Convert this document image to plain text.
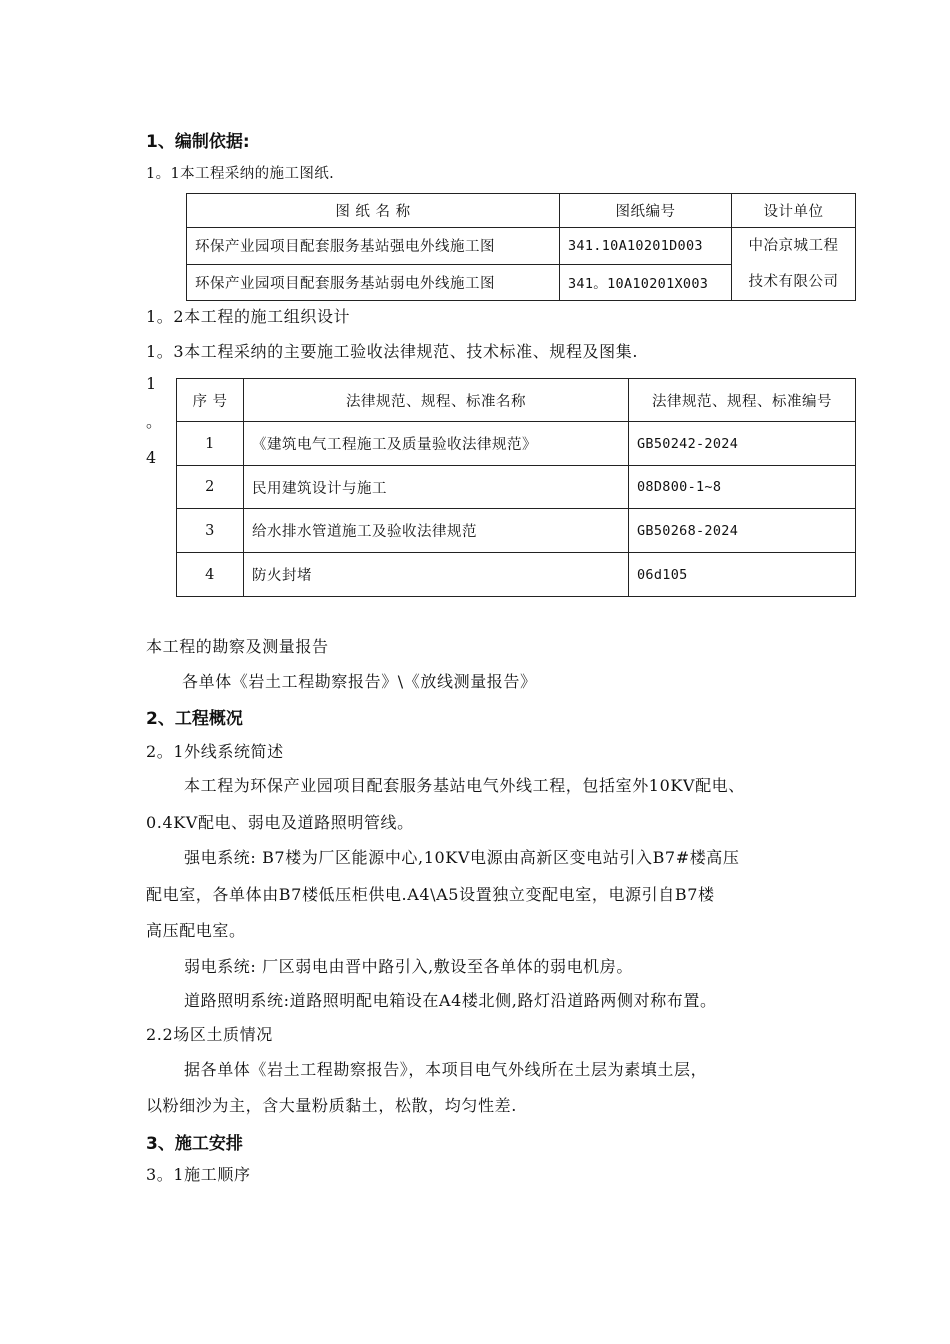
1、编制依据:
1。1本工程采纳的施工图纸.
图 纸 名 称	图纸编号	设计单位
环保产业园项目配套服务基站强电外线施工图	341.10A10201D003	中冶京城工程
技术有限公司

环保产业园项目配套服务基站弱电外线施工图	341。10A10201X003	
1。2本工程的施工组织设计
1。3本工程采纳的主要施工验收法律规范、技术标准、规程及图集.
1
。
4
序 号	法律规范、规程、标准名称	法律规范、规程、标准编号
1	《建筑电气工程施工及质量验收法律规范》	GB50242-2024
2	民用建筑设计与施工	08D800-1~8
3	给水排水管道施工及验收法律规范	GB50268-2024
4	防火封堵	06d105
本工程的勘察及测量报告
各单体《岩土工程勘察报告》\《放线测量报告》
2、工程概况
2。1外线系统简述
本工程为环保产业园项目配套服务基站电气外线工程，包括室外10KV配电、
0.4KV配电、弱电及道路照明管线。
强电系统: B7楼为厂区能源中心,10KV电源由高新区变电站引入B7#楼高压
配电室，各单体由B7楼低压柜供电.A4\A5设置独立变配电室，电源引自B7楼
高压配电室。
弱电系统: 厂区弱电由晋中路引入,敷设至各单体的弱电机房。
道路照明系统:道路照明配电箱设在A4楼北侧,路灯沿道路两侧对称布置。
2.2场区土质情况
据各单体《岩土工程勘察报告》，本项目电气外线所在土层为素填土层，
以粉细沙为主，含大量粉质黏土，松散，均匀性差.
3、施工安排
3。1施工顺序
